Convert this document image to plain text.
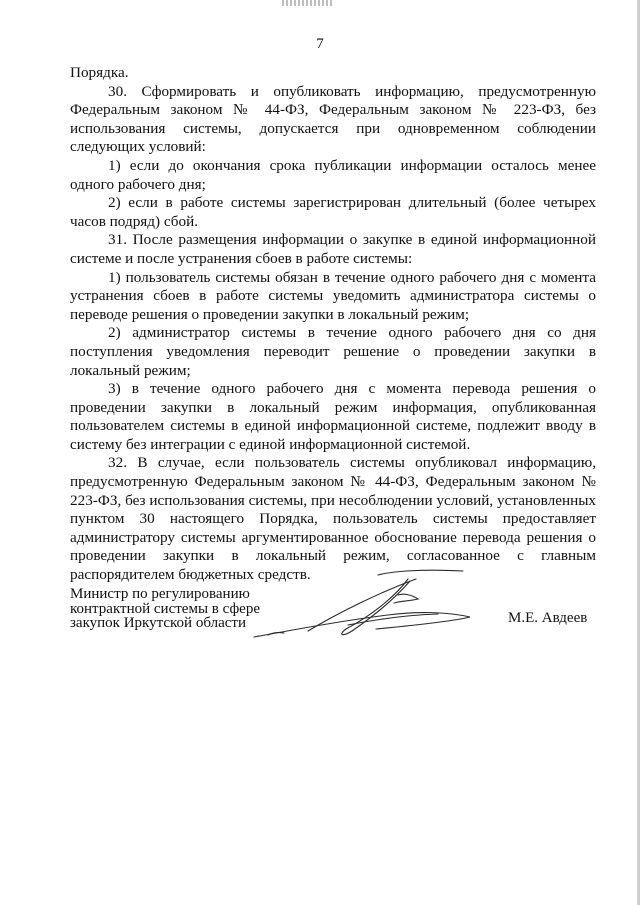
7

Порядка.

30. Сформировать и опубликовать информацию, предусмотренную Федеральным законом № 44-ФЗ, Федеральным законом № 223-ФЗ, без использования системы, допускается при одновременном соблюдении следующих условий:

1) если до окончания срока публикации информации осталось менее одного рабочего дня;

2) если в работе системы зарегистрирован длительный (более четырех часов подряд) сбой.

31. После размещения информации о закупке в единой информационной системе и после устранения сбоев в работе системы:

1) пользователь системы обязан в течение одного рабочего дня с момента устранения сбоев в работе системы уведомить администратора системы о переводе решения о проведении закупки в локальный режим;

2) администратор системы в течение одного рабочего дня со дня поступления уведомления переводит решение о проведении закупки в локальный режим;

3) в течение одного рабочего дня с момента перевода решения о проведении закупки в локальный режим информация, опубликованная пользователем системы в единой информационной системе, подлежит вводу в систему без интеграции с единой информационной системой.

32. В случае, если пользователь системы опубликовал информацию, предусмотренную Федеральным законом № 44-ФЗ, Федеральным законом № 223-ФЗ, без использования системы, при несоблюдении условий, установленных пунктом 30 настоящего Порядка, пользователь системы предоставляет администратору системы аргументированное обоснование перевода решения о проведении закупки в локальный режим, согласованное с главным распорядителем бюджетных средств.

Министр по регулированию
контрактной системы в сфере
закупок Иркутской области	М.Е. Авдеев
